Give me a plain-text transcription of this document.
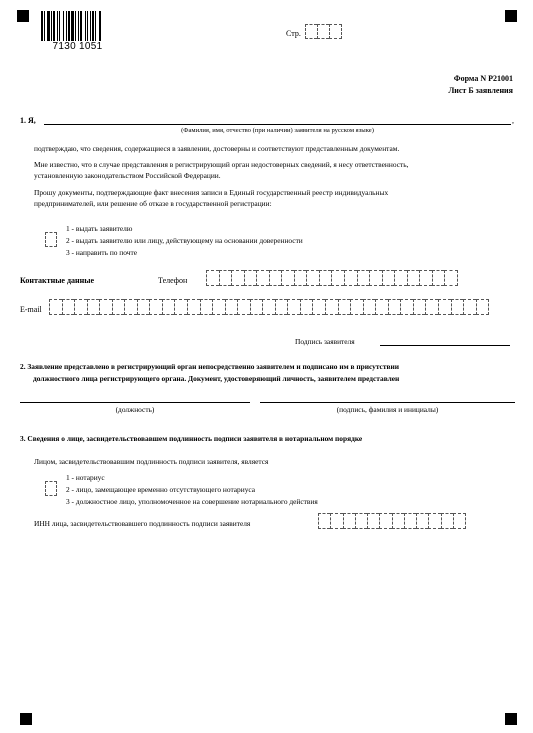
7130 1051
Стр.
Форма N Р21001
Лист Б заявления
1. Я,	,
(Фамилия, имя, отчество (при наличии) заявителя на русском языке)
подтверждаю, что сведения, содержащиеся в заявлении, достоверны и соответствуют представленным документам.
Мне известно, что в случае представления в регистрирующий орган недостоверных сведений, я несу ответственность,
установленную законодательством Российской Федерации.
Прошу документы, подтверждающие факт внесения записи в Единый государственный реестр индивидуальных
предпринимателей, или решение об отказе в государственной регистрации:
1 - выдать заявителю
2 - выдать заявителю или лицу, действующему на основании доверенности
3 - направить по почте
Контактные данные	Телефон
E-mail
Подпись заявителя
2. Заявление представлено в регистрирующий орган непосредственно заявителем и подписано им в присутствии
должностного лица регистрирующего органа. Документ, удостоверяющий личность, заявителем представлен
(должность)	(подпись, фамилия и инициалы)
3. Сведения о лице, засвидетельствовавшем подлинность подписи заявителя в нотариальном порядке
Лицом, засвидетельствовавшим подлинность подписи заявителя, является
1 - нотариус
2 - лицо, замещающее временно отсутствующего нотариуса
3 - должностное лицо, уполномоченное на совершение нотариального действия
ИНН лица, засвидетельствовавшего подлинность подписи заявителя
